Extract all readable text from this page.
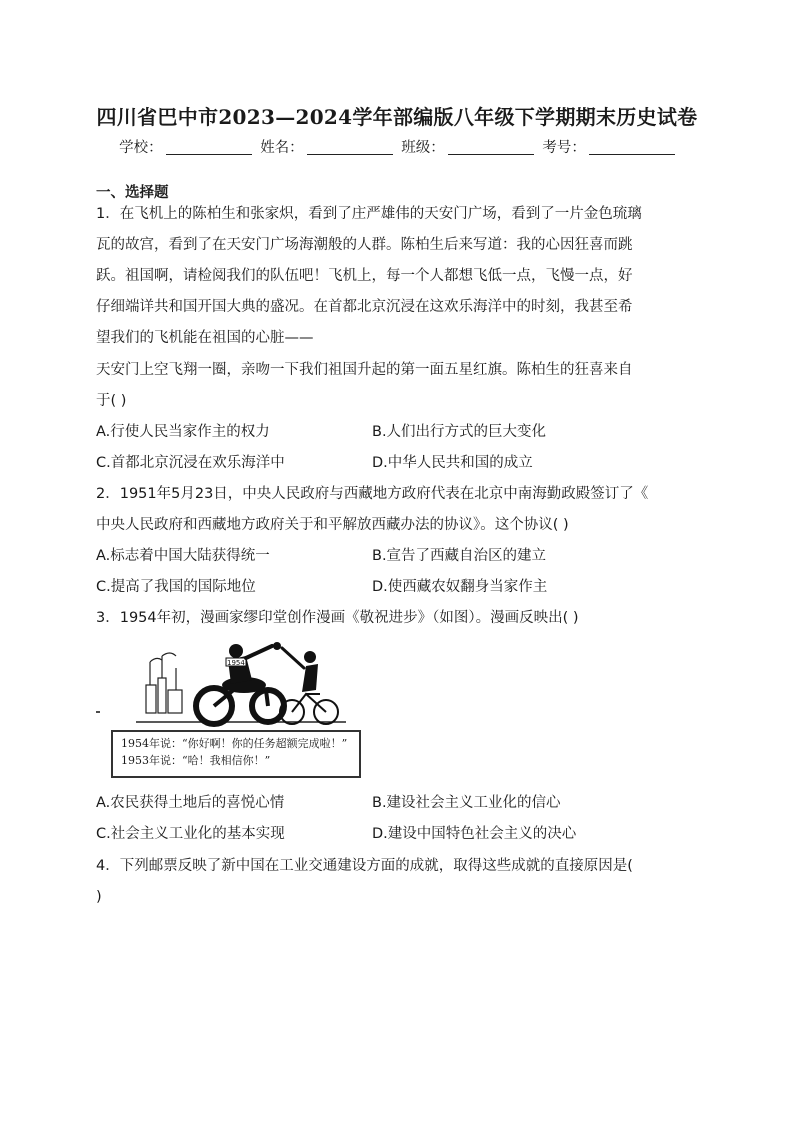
四川省巴中市2023—2024学年部编版八年级下学期期末历史试卷
学校：	姓名：	班级：	考号：
一、选择题
1．在飞机上的陈柏生和张家炽，看到了庄严雄伟的天安门广场，看到了一片金色琉璃
瓦的故宫，看到了在天安门广场海潮般的人群。陈柏生后来写道：我的心因狂喜而跳
跃。祖国啊，请检阅我们的队伍吧！飞机上，每一个人都想飞低一点，飞慢一点，好
仔细端详共和国开国大典的盛况。在首都北京沉浸在这欢乐海洋中的时刻，我甚至希
望我们的飞机能在祖国的心脏——
天安门上空飞翔一圈，亲吻一下我们祖国升起的第一面五星红旗。陈柏生的狂喜来自
于( )
A.行使人民当家作主的权力	B.人们出行方式的巨大变化
C.首都北京沉浸在欢乐海洋中	D.中华人民共和国的成立
2．1951年5月23日，中央人民政府与西藏地方政府代表在北京中南海勤政殿签订了《
中央人民政府和西藏地方政府关于和平解放西藏办法的协议》。这个协议( )
A.标志着中国大陆获得统一	B.宣告了西藏自治区的建立
C.提高了我国的国际地位	D.使西藏农奴翻身当家作主
3．1954年初，漫画家缪印堂创作漫画《敬祝进步》（如图）。漫画反映出( )
1954
1954年说：“你好啊！你的任务超额完成啦！”
1953年说：“哈！我相信你！”
A.农民获得土地后的喜悦心情	B.建设社会主义工业化的信心
C.社会主义工业化的基本实现	D.建设中国特色社会主义的决心
4．下列邮票反映了新中国在工业交通建设方面的成就，取得这些成就的直接原因是(
)
